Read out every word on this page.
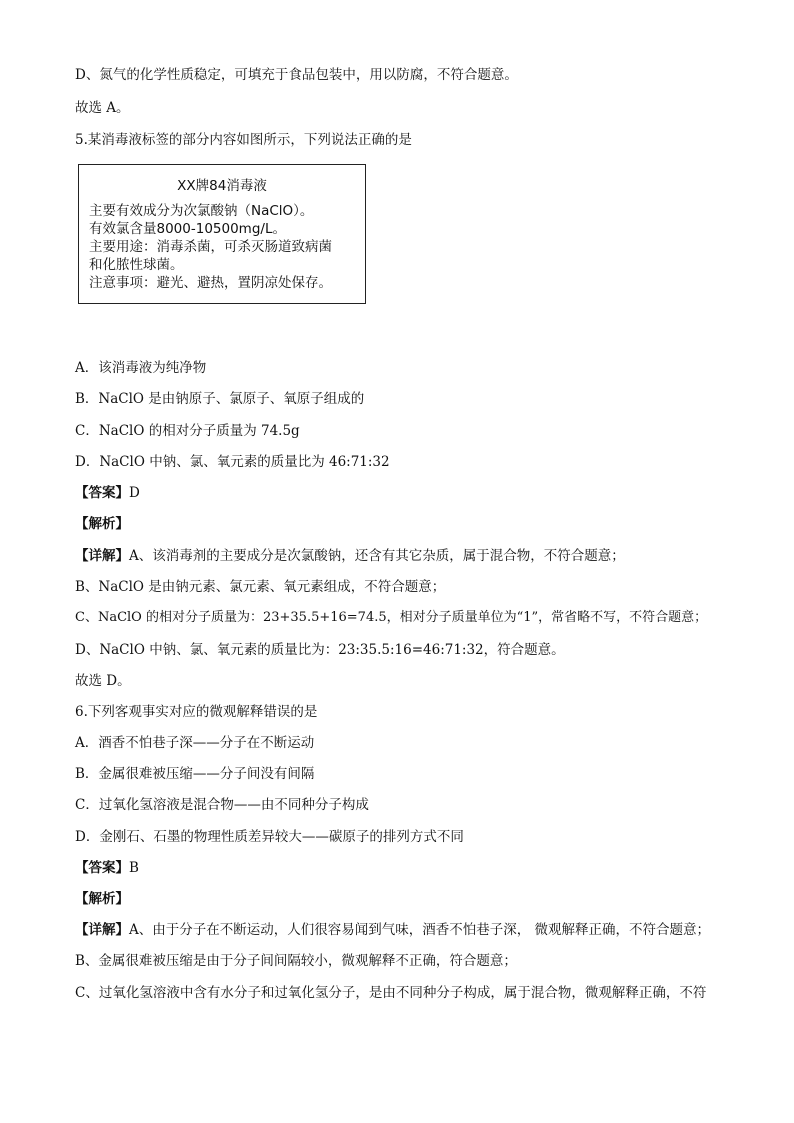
D、氮气的化学性质稳定，可填充于食品包装中，用以防腐，不符合题意。
故选 A。
5.某消毒液标签的部分内容如图所示，下列说法正确的是
XX牌84消毒液
主要有效成分为次氯酸钠（NaClO）。
有效氯含量8000-10500mg/L。
主要用途：消毒杀菌，可杀灭肠道致病菌
和化脓性球菌。
注意事项：避光、避热，置阴凉处保存。
A．该消毒液为纯净物
B．NaClO 是由钠原子、氯原子、氧原子组成的
C．NaClO 的相对分子质量为 74.5g
D．NaClO 中钠、氯、氧元素的质量比为 46:71:32
【答案】D
【解析】
【详解】A、该消毒剂的主要成分是次氯酸钠，还含有其它杂质，属于混合物，不符合题意；
B、NaClO 是由钠元素、氯元素、氧元素组成，不符合题意；
C、NaClO 的相对分子质量为：23+35.5+16=74.5，相对分子质量单位为“1”，常省略不写，不符合题意；
D、NaClO 中钠、氯、氧元素的质量比为：23:35.5:16=46:71:32，符合题意。
故选 D。
6.下列客观事实对应的微观解释错误的是
A．酒香不怕巷子深——分子在不断运动
B．金属很难被压缩——分子间没有间隔
C．过氧化氢溶液是混合物——由不同种分子构成
D．金刚石、石墨的物理性质差异较大——碳原子的排列方式不同
【答案】B
【解析】
【详解】A、由于分子在不断运动，人们很容易闻到气味，酒香不怕巷子深， 微观解释正确，不符合题意；
B、金属很难被压缩是由于分子间间隔较小，微观解释不正确，符合题意；
C、过氧化氢溶液中含有水分子和过氧化氢分子，是由不同种分子构成，属于混合物，微观解释正确，不符
